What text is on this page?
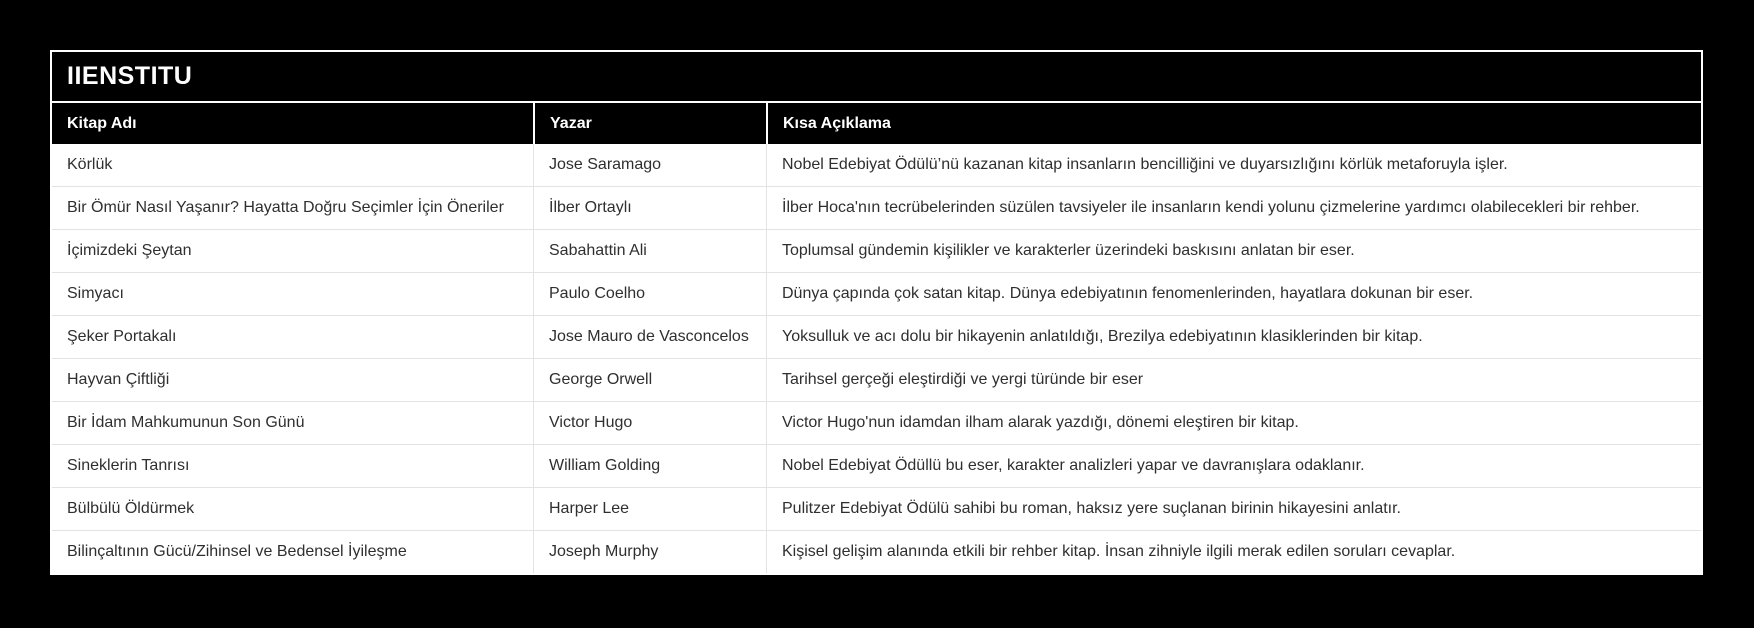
IIENSTITU
Kitap Adı	Yazar	Kısa Açıklama
Körlük	Jose Saramago	Nobel Edebiyat Ödülü’nü kazanan kitap insanların bencilliğini ve duyarsızlığını körlük metaforuyla işler.
Bir Ömür Nasıl Yaşanır? Hayatta Doğru Seçimler İçin Öneriler	İlber Ortaylı	İlber Hoca'nın tecrübelerinden süzülen tavsiyeler ile insanların kendi yolunu çizmelerine yardımcı olabilecekleri bir rehber.
İçimizdeki Şeytan	Sabahattin Ali	Toplumsal gündemin kişilikler ve karakterler üzerindeki baskısını anlatan bir eser.
Simyacı	Paulo Coelho	Dünya çapında çok satan kitap. Dünya edebiyatının fenomenlerinden, hayatlara dokunan bir eser.
Şeker Portakalı	Jose Mauro de Vasconcelos	Yoksulluk ve acı dolu bir hikayenin anlatıldığı, Brezilya edebiyatının klasiklerinden bir kitap.
Hayvan Çiftliği	George Orwell	Tarihsel gerçeği eleştirdiği ve yergi türünde bir eser
Bir İdam Mahkumunun Son Günü	Victor Hugo	Victor Hugo'nun idamdan ilham alarak yazdığı, dönemi eleştiren bir kitap.
Sineklerin Tanrısı	William Golding	Nobel Edebiyat Ödüllü bu eser, karakter analizleri yapar ve davranışlara odaklanır.
Bülbülü Öldürmek	Harper Lee	Pulitzer Edebiyat Ödülü sahibi bu roman, haksız yere suçlanan birinin hikayesini anlatır.
Bilinçaltının Gücü/Zihinsel ve Bedensel İyileşme	Joseph Murphy	Kişisel gelişim alanında etkili bir rehber kitap. İnsan zihniyle ilgili merak edilen soruları cevaplar.
